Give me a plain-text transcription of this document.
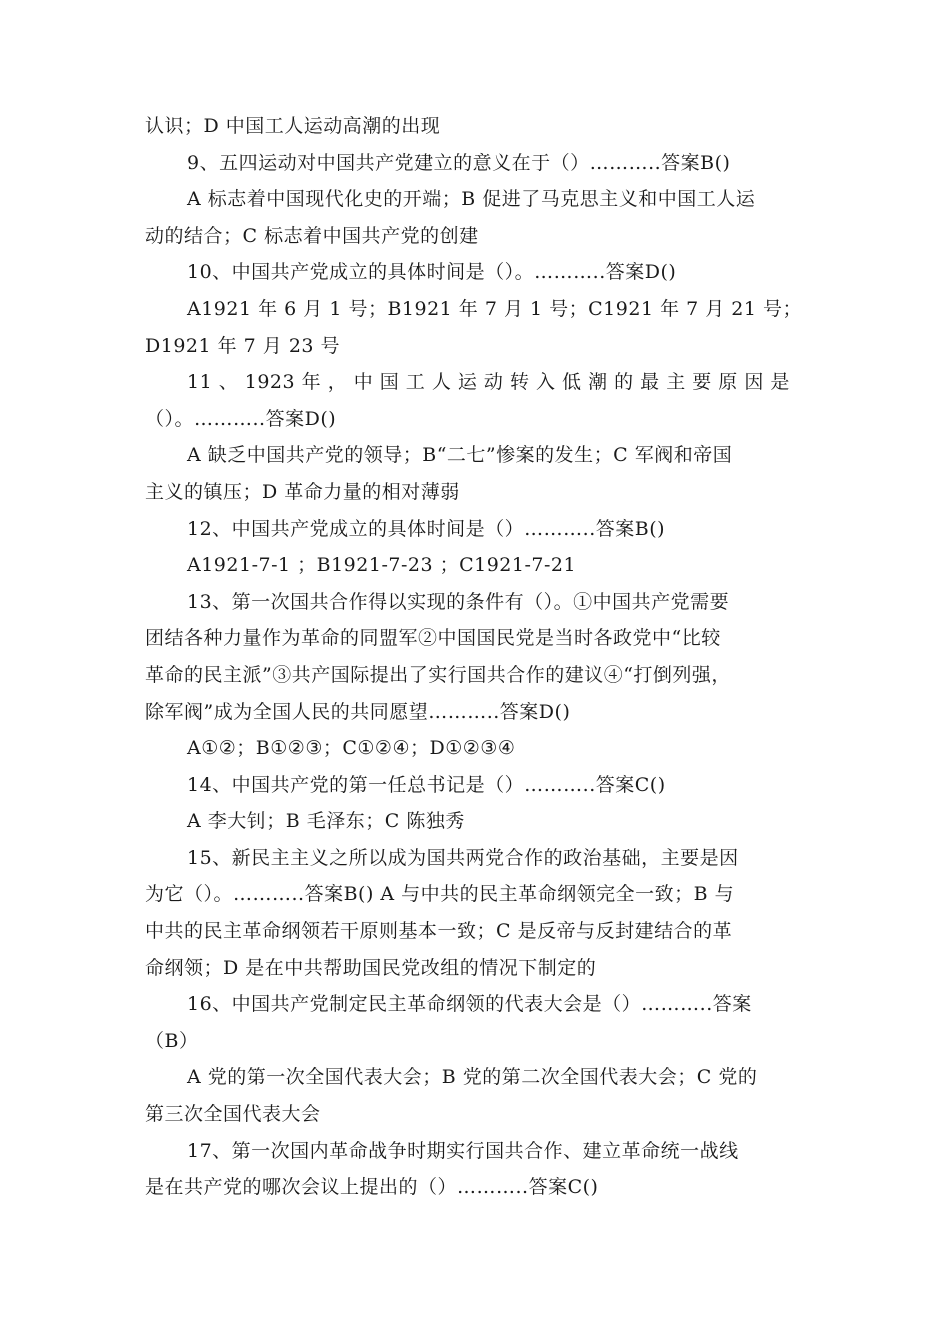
认识；D 中国工人运动高潮的出现
9、五四运动对中国共产党建立的意义在于（）………..答案B()
A 标志着中国现代化史的开端；B 促进了马克思主义和中国工人运
动的结合；C 标志着中国共产党的创建
10、中国共产党成立的具体时间是（）。………..答案D()
A1921 年 6 月 1 号；B1921 年 7 月 1 号；C1921 年 7 月 21 号；
D1921 年 7 月 23 号
11 、 1923 年 ， 中 国 工 人 运 动 转 入 低 潮 的 最 主 要 原 因 是
（）。………..答案D()
A 缺乏中国共产党的领导；B“二七”惨案的发生；C 军阀和帝国
主义的镇压；D 革命力量的相对薄弱
12、中国共产党成立的具体时间是（）………..答案B()
A1921-7-1 ；B1921-7-23 ；C1921-7-21
13、第一次国共合作得以实现的条件有（）。①中国共产党需要
团结各种力量作为革命的同盟军②中国国民党是当时各政党中“比较
革命的民主派”③共产国际提出了实行国共合作的建议④“打倒列强，
除军阀”成为全国人民的共同愿望………..答案D()
A①②；B①②③；C①②④；D①②③④
14、中国共产党的第一任总书记是（）………..答案C()
A 李大钊；B 毛泽东；C 陈独秀
15、新民主主义之所以成为国共两党合作的政治基础，主要是因
为它（）。………..答案B() A 与中共的民主革命纲领完全一致；B 与
中共的民主革命纲领若干原则基本一致；C 是反帝与反封建结合的革
命纲领；D 是在中共帮助国民党改组的情况下制定的
16、中国共产党制定民主革命纲领的代表大会是（）………..答案
（B）
A 党的第一次全国代表大会；B 党的第二次全国代表大会；C 党的
第三次全国代表大会
17、第一次国内革命战争时期实行国共合作、建立革命统一战线
是在共产党的哪次会议上提出的（）………..答案C()
